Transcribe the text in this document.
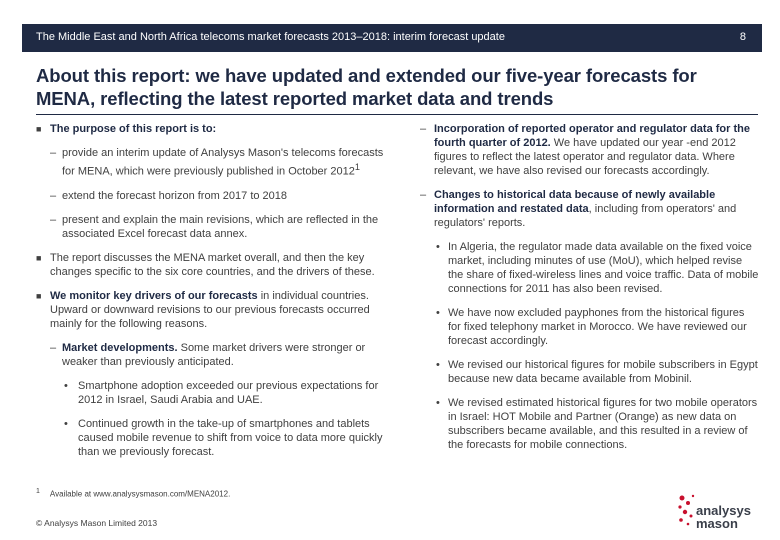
The Middle East and North Africa telecoms market forecasts 2013–2018: interim forecast update	8
About this report: we have updated and extended our five-year forecasts for MENA, reflecting the latest reported market data and trends
■ The purpose of this report is to:
– provide an interim update of Analysys Mason's telecoms forecasts for MENA, which were previously published in October 2012$^1$
– extend the forecast horizon from 2017 to 2018
– present and explain the main revisions, which are reflected in the associated Excel forecast data annex.
■ The report discusses the MENA market overall, and then the key changes specific to the six core countries, and the drivers of these.
■ We monitor key drivers of our forecasts in individual countries. Upward or downward revisions to our previous forecasts occurred mainly for the following reasons.
– Market developments. Some market drivers were stronger or weaker than previously anticipated.
• Smartphone adoption exceeded our previous expectations for 2012 in Israel, Saudi Arabia and UAE.
• Continued growth in the take-up of smartphones and tablets caused mobile revenue to shift from voice to data more quickly than we previously forecast.
– Incorporation of reported operator and regulator data for the fourth quarter of 2012. We have updated our year -end 2012 figures to reflect the latest operator and regulator data. Where relevant, we have also revised our forecasts accordingly.
– Changes to historical data because of newly available information and restated data, including from operators' and regulators' reports.
• In Algeria, the regulator made data available on the fixed voice market, including minutes of use (MoU), which helped revise the share of fixed-wireless lines and voice traffic. Data of mobile connections for 2011 has also been revised.
• We have now excluded payphones from the historical figures for fixed telephony market in Morocco. We have reviewed our forecast accordingly.
• We revised our historical figures for mobile subscribers in Egypt because new data became available from Mobinil.
• We revised estimated historical figures for two mobile operators in Israel: HOT Mobile and Partner (Orange) as new data on subscribers became available, and this resulted in a review of the forecasts for mobile connections.
$^1$ Available at www.analysysmason.com/MENA2012.
© Analysys Mason Limited 2013
analysys
mason
